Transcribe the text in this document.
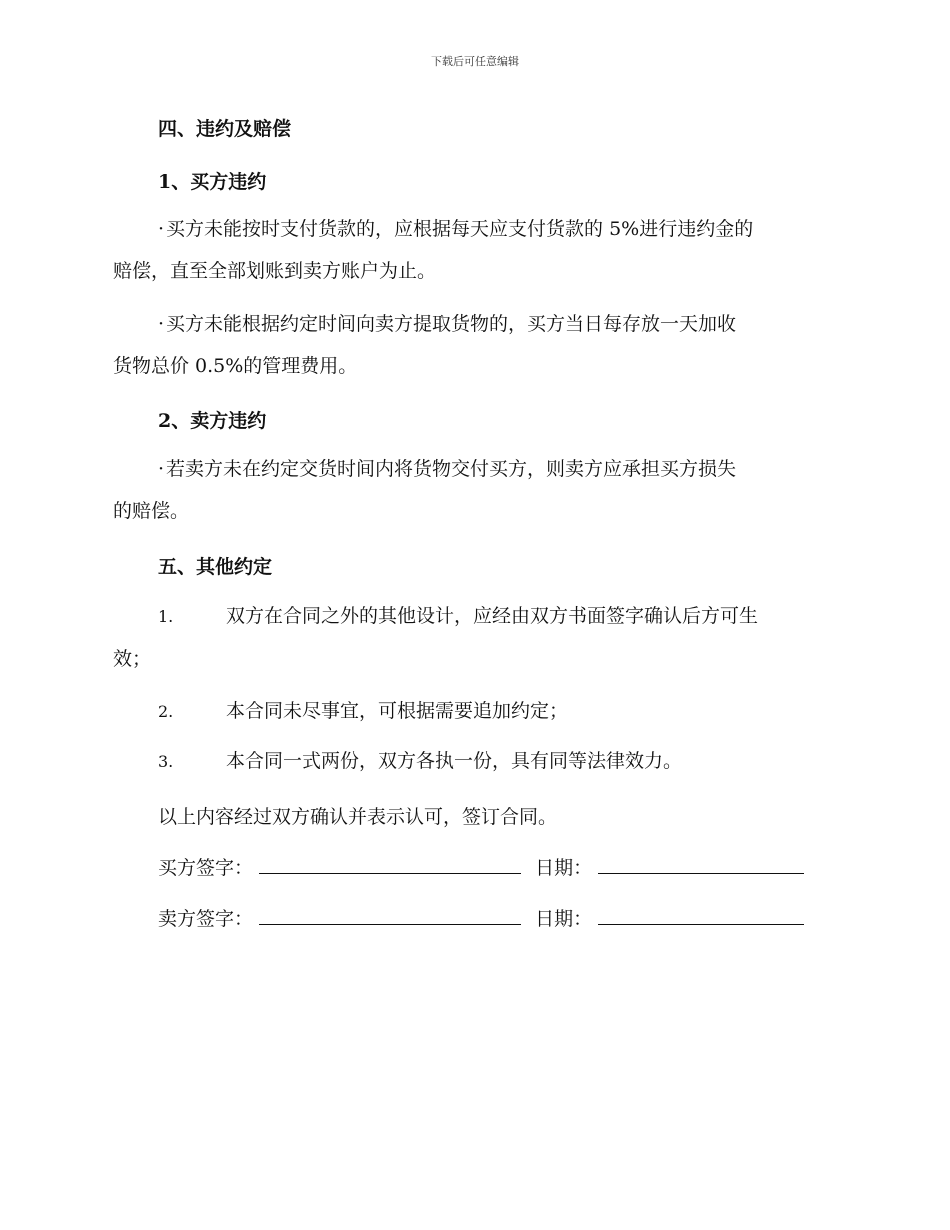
下载后可任意编辑
四、违约及赔偿
1、买方违约
· 买方未能按时支付货款的，应根据每天应支付货款的 5%进行违约金的
赔偿，直至全部划账到卖方账户为止。
· 买方未能根据约定时间向卖方提取货物的，买方当日每存放一天加收
货物总价 0.5%的管理费用。
2、卖方违约
· 若卖方未在约定交货时间内将货物交付买方，则卖方应承担买方损失
的赔偿。
五、其他约定
1.	双方在合同之外的其他设计，应经由双方书面签字确认后方可生
效；
2.	本合同未尽事宜，可根据需要追加约定；
3.	本合同一式两份，双方各执一份，具有同等法律效力。
以上内容经过双方确认并表示认可，签订合同。
买方签字：	日期：
卖方签字：	日期：
